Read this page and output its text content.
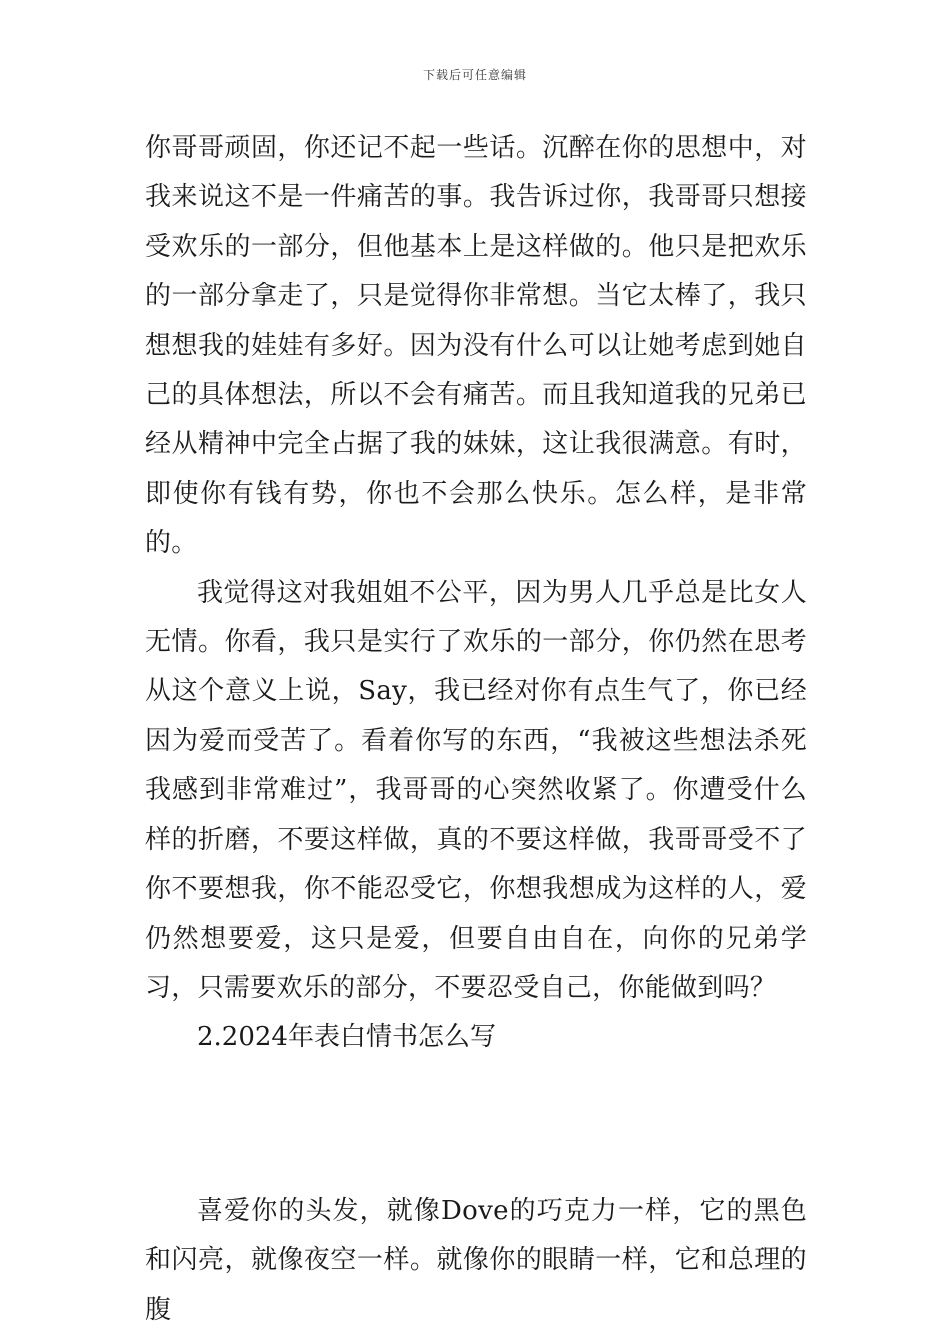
下载后可任意编辑

你哥哥顽固，你还记不起一些话。沉醉在你的思想中，对我来说这不是一件痛苦的事。我告诉过你，我哥哥只想接受欢乐的一部分，但他基本上是这样做的。他只是把欢乐的一部分拿走了，只是觉得你非常想。当它太棒了，我只想想我的娃娃有多好。因为没有什么可以让她考虑到她自己的具体想法，所以不会有痛苦。而且我知道我的兄弟已经从精神中完全占据了我的妹妹，这让我很满意。有时，即使你有钱有势，你也不会那么快乐。怎么样，是非常的。

我觉得这对我姐姐不公平，因为男人几乎总是比女人无情。你看，我只是实行了欢乐的一部分，你仍然在思考从这个意义上说，Say，我已经对你有点生气了，你已经因为爱而受苦了。看着你写的东西，“我被这些想法杀死我感到非常难过”，我哥哥的心突然收紧了。你遭受什么样的折磨，不要这样做，真的不要这样做，我哥哥受不了你不要想我，你不能忍受它，你想我想成为这样的人，爱仍然想要爱，这只是爱，但要自由自在，向你的兄弟学习，只需要欢乐的部分，不要忍受自己，你能做到吗？

2.2024年表白情书怎么写

喜爱你的头发，就像Dove的巧克力一样，它的黑色和闪亮，就像夜空一样。就像你的眼睛一样，它和总理的腹
